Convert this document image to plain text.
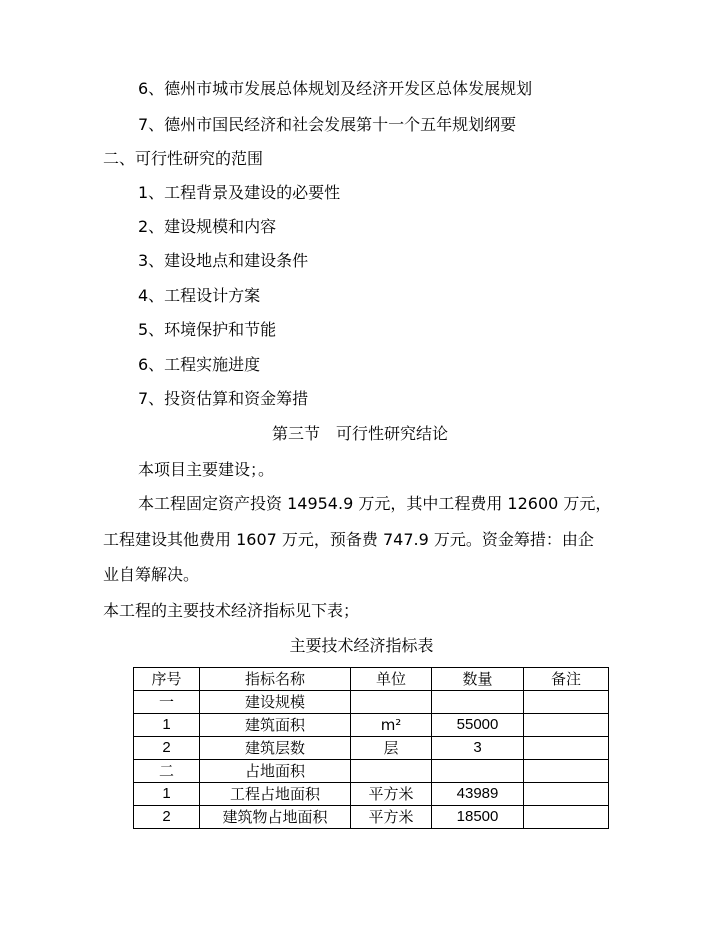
6、德州市城市发展总体规划及经济开发区总体发展规划
7、德州市国民经济和社会发展第十一个五年规划纲要
二、可行性研究的范围
1、工程背景及建设的必要性
2、建设规模和内容
3、建设地点和建设条件
4、工程设计方案
5、环境保护和节能
6、工程实施进度
7、投资估算和资金筹措
第三节　可行性研究结论
本项目主要建设；。
本工程固定资产投资 14954.9 万元，其中工程费用 12600 万元，
工程建设其他费用 1607 万元，预备费 747.9 万元。资金筹措：由企
业自筹解决。
本工程的主要技术经济指标见下表；
主要技术经济指标表
序号	指标名称	单位	数量	备注
一	建设规模			
1	建筑面积	m²	55000	
2	建筑层数	层	3	
二	占地面积			
1	工程占地面积	平方米	43989	
2	建筑物占地面积	平方米	18500	
